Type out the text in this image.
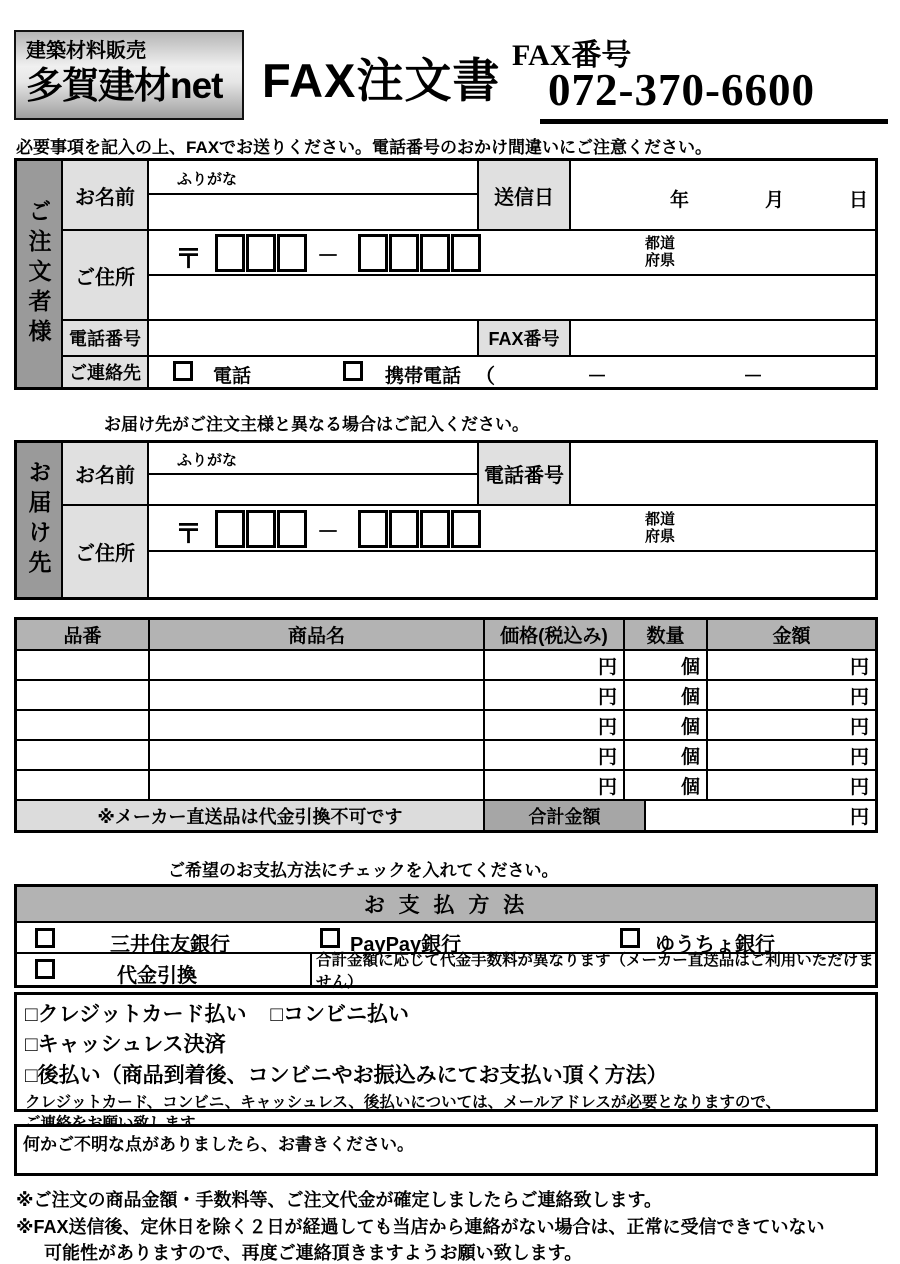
建築材料販売
多賀建材net FAX注文書 FAX番号
072-370-6600
必要事項を記入の上、FAXでお送りください。電話番号のおかけ間違いにご注意ください。
ご注文者様
お名前
ふりがな
送信日	年	月	日
ご住所
〒	－	都道
府県
電話番号	FAX番号
ご連絡先	電話	携帯電話 （	－	－
お届け先がご注文主様と異なる場合はご記入ください。
お届け先	お名前
ふりがな
電話番号
ご住所
〒	－	都道
府県
品番	商品名	価格(税込み)	数量	金額
円	個	円
円	個	円
円	個	円
円	個	円
円	個	円
※メーカー直送品は代金引換不可です	合計金額	円
ご希望のお支払方法にチェックを入れてください。
お 支 払 方 法
三井住友銀行	PayPay銀行	ゆうちょ銀行
代金引換
合計金額に応じて代金手数料が異なります（メーカー直送品はご利用いただけません）
□クレジットカード払い □コンビニ払い
□キャッシュレス決済
□後払い（商品到着後、コンビニやお振込みにてお支払い頂く方法）
クレジットカード、コンビニ、キャッシュレス、後払いについては、メールアドレスが必要となりますので、
何かご不明な点がありましたら、お書きください。
※ご注文の商品金額・手数料等、ご注文代金が確定しましたらご連絡致します。
※FAX送信後、定休日を除く２日が経過しても当店から連絡がない場合は、正常に受信できていない
可能性がありますので、再度ご連絡頂きますようお願い致します。
